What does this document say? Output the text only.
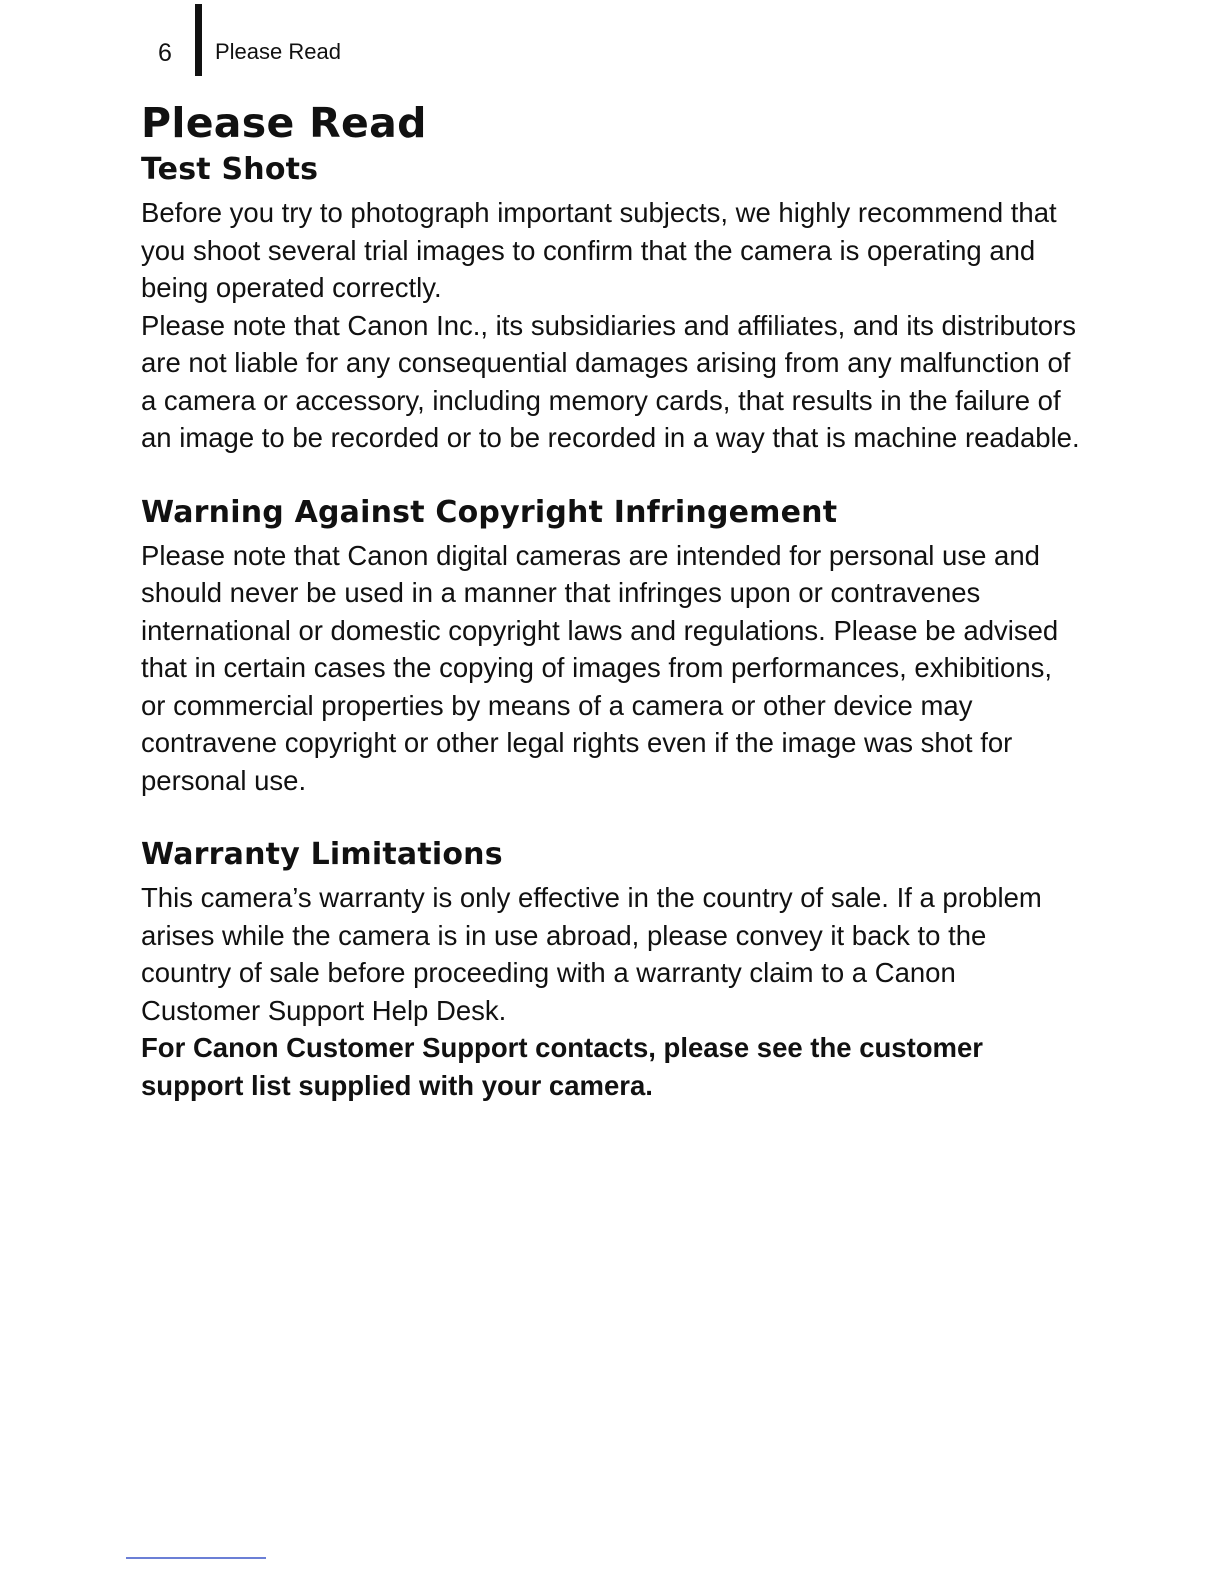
6 Please Read
Please Read
Test Shots

Before you try to photograph important subjects, we highly recommend that you shoot several trial images to confirm that the camera is operating and being operated correctly.

Please note that Canon Inc., its subsidiaries and affiliates, and its distributors are not liable for any consequential damages arising from any malfunction of a camera or accessory, including memory cards, that results in the failure of an image to be recorded or to be recorded in a way that is machine readable.

Warning Against Copyright Infringement

Please note that Canon digital cameras are intended for personal use and should never be used in a manner that infringes upon or contravenes international or domestic copyright laws and regulations. Please be advised that in certain cases the copying of images from performances, exhibitions, or commercial properties by means of a camera or other device may contravene copyright or other legal rights even if the image was shot for personal use.

Warranty Limitations

This camera’s warranty is only effective in the country of sale. If a problem arises while the camera is in use abroad, please convey it back to the country of sale before proceeding with a warranty claim to a Canon Customer Support Help Desk.

For Canon Customer Support contacts, please see the customer support list supplied with your camera.
